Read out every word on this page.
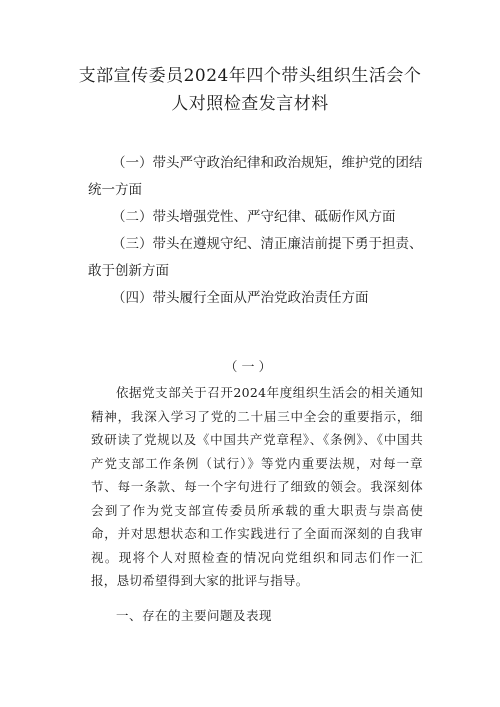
支部宣传委员2024年四个带头组织生活会个人对照检查发言材料

（一）带头严守政治纪律和政治规矩，维护党的团结统一方面

（二）带头增强党性、严守纪律、砥砺作风方面

（三）带头在遵规守纪、清正廉洁前提下勇于担责、敢于创新方面

（四）带头履行全面从严治党政治责任方面

（一）

依据党支部关于召开2024年度组织生活会的相关通知精神，我深入学习了党的二十届三中全会的重要指示，细致研读了党规以及《中国共产党章程》、《条例》、《中国共产党支部工作条例（试行）》等党内重要法规，对每一章节、每一条款、每一个字句进行了细致的领会。我深刻体会到了作为党支部宣传委员所承载的重大职责与崇高使命，并对思想状态和工作实践进行了全面而深刻的自我审视。现将个人对照检查的情况向党组织和同志们作一汇报，恳切希望得到大家的批评与指导。

一、存在的主要问题及表现
